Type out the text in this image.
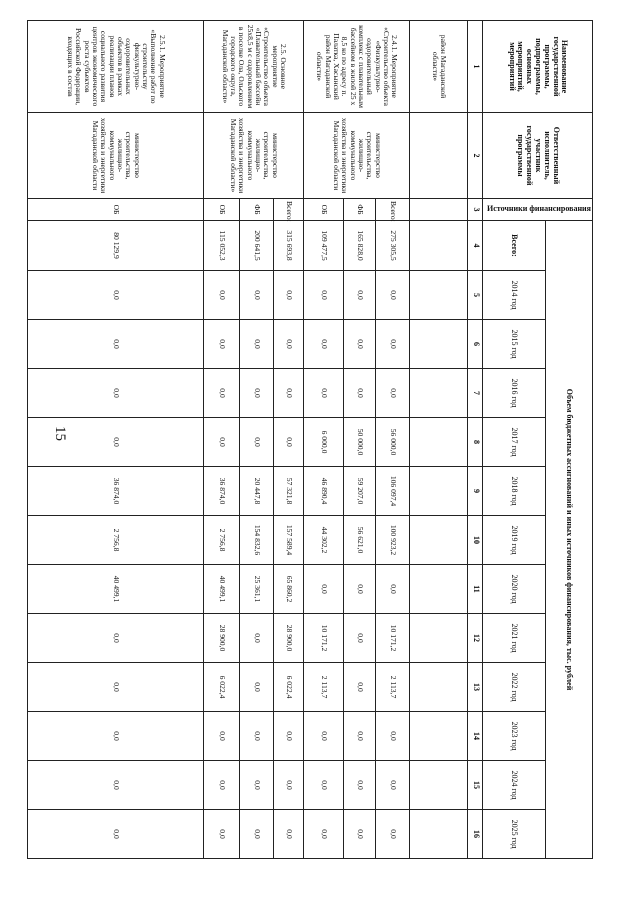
15
Наименование государственной программы, подпрограммы, основных мероприятий, мероприятий	Ответственный исполнитель, участник государственной программы	Источники финансирования	Объем бюджетных ассигнований и иных источников финансирования, тыс. рублей												
			Всего:	2014 год	2015 год	2016 год	2017 год	2018 год	2019 год	2020 год	2021 год	2022 год	2023 год	2024 год	2025 год
1	2	3	4	5	6	7	8	9	10	11	12	13	14	15	16
район Магаданской области»															
2.4.1. Мероприятие «Строительство объекта «Физкультурно-оздоровительный комплекс с плавательным бассейном в жилой 25 x 8,5 ко по адресу п. Палатка, Хасынский район Магаданской области»	министерство строительства, жилищно-коммунального хозяйства и энергетики Магаданской области	Всего:	275 305,5	0,0	0,0	0,0	56 000,0	106 097,4	100 923,2	0,0	10 171,2	2 113,7	0,0	0,0	0,0
		ФБ	165 828,0	0,0	0,0	0,0	50 000,0	59 207,0	56 621,0	0,0	0,0	0,0	0,0	0,0	0,0
		ОБ	109 477,5	0,0	0,0	0,0	6 000,0	46 890,4	44 302,2	0,0	10 171,2	2 113,7	0,0	0,0	0,0
2.5. Основное мероприятие «Строительство объекта «Плавательный бассейн 25x8,5 м с оздоровлением в поселке Ола, Ольского городского округа, Магаданской области»	министерство строительства, жилищно-коммунального хозяйства и энергетики Магаданской области»	Всего:	315 693,8	0,0	0,0	0,0	0,0	57 321,8	157 589,4	65 860,2	28 900,0	6 022,4	0,0	0,0	0,0
		ФБ	200 641,5	0,0	0,0	0,0	0,0	20 447,8	154 832,6	25 361,1	0,0	0,0	0,0	0,0	0,0
		ОБ	115 052,3	0,0	0,0	0,0	0,0	36 874,0	2 756,8	40 499,1	28 900,0	6 022,4	0,0	0,0	0,0
2.5.1. Мероприятие «Выполнение работ по строительству физкультурно-оздоровительных объектов в рамках реализации планов социального развития центров экономического роста субъектов Российской Федерации, входящих в состав	министерство строительства, жилищно-коммунального хозяйства и энергетики Магаданской области	ОБ	80 129,9	0,0	0,0	0,0	0,0	36 874,0	2 756,8	40 499,1	0,0	0,0	0,0	0,0	0,0
